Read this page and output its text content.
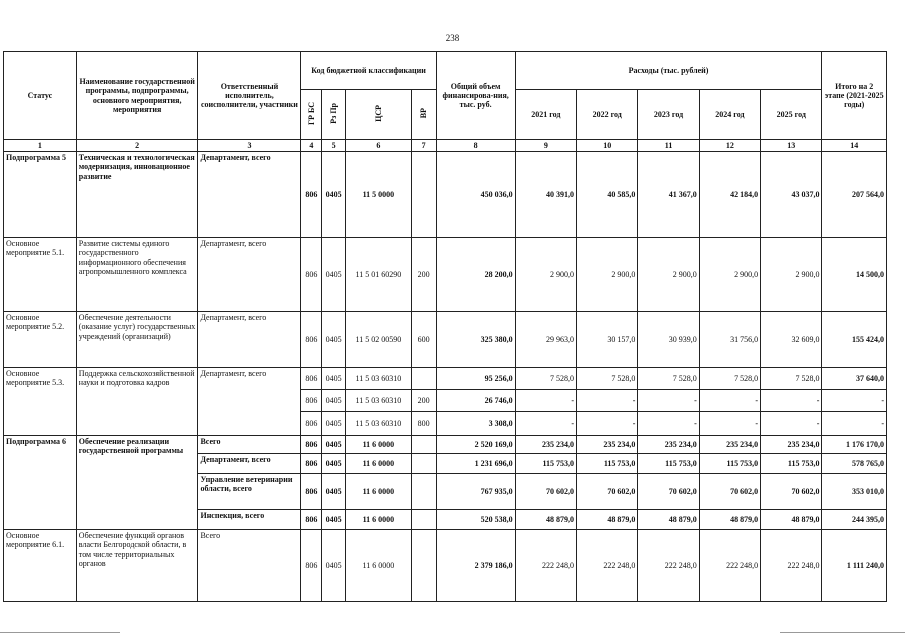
238
Статус	Наименование государственной программы, подпрограммы, основного мероприятия, мероприятия	Ответственный исполнитель, соисполнители, участники	Код бюджетной классификации				Общий объем финансирова-ния, тыс. руб.	Расходы (тыс. рублей)					Итого на 2 этапе (2021-2025 годы)
			ГР БС	Рз Пр	ЦСР	ВР		2021 год	2022 год	2023 год	2024 год	2025 год	
1	2	3	4	5	6	7	8	9	10	11	12	13	14
Подпрограмма 5	Техническая и технологическая модернизация, инновационное развитие	Департамент, всего	806	0405	11 5 0000		450 036,0	40 391,0	40 585,0	41 367,0	42 184,0	43 037,0	207 564,0
Основное мероприятие 5.1.	Развитие системы единого государственного информационного обеспечения агропромышленного комплекса	Департамент, всего	806	0405	11 5 01 60290	200	28 200,0	2 900,0	2 900,0	2 900,0	2 900,0	2 900,0	14 500,0
Основное мероприятие 5.2.	Обеспечение деятельности (оказание услуг) государственных учреждений (организаций)	Департамент, всего	806	0405	11 5 02 00590	600	325 380,0	29 963,0	30 157,0	30 939,0	31 756,0	32 609,0	155 424,0
Основное мероприятие 5.3.	Поддержка сельскохозяйственной науки и подготовка кадров	Департамент, всего	806	0405	11 5 03 60310		95 256,0	7 528,0	7 528,0	7 528,0	7 528,0	7 528,0	37 640,0
			806	0405	11 5 03 60310	200	26 746,0	-	-	-	-	-	-
			806	0405	11 5 03 60310	800	3 308,0	-	-	-	-	-	-
Подпрограмма 6	Обеспечение реализации государственной программы	Всего	806	0405	11 6 0000		2 520 169,0	235 234,0	235 234,0	235 234,0	235 234,0	235 234,0	1 176 170,0
		Департамент, всего	806	0405	11 6 0000		1 231 696,0	115 753,0	115 753,0	115 753,0	115 753,0	115 753,0	578 765,0
		Управление ветеринарии области, всего	806	0405	11 6 0000		767 935,0	70 602,0	70 602,0	70 602,0	70 602,0	70 602,0	353 010,0
		Инспекция, всего	806	0405	11 6 0000		520 538,0	48 879,0	48 879,0	48 879,0	48 879,0	48 879,0	244 395,0
Основное мероприятие 6.1.	Обеспечение функций органов власти Белгородской области, в том числе территориальных органов	Всего	806	0405	11 6 0000		2 379 186,0	222 248,0	222 248,0	222 248,0	222 248,0	222 248,0	1 111 240,0
